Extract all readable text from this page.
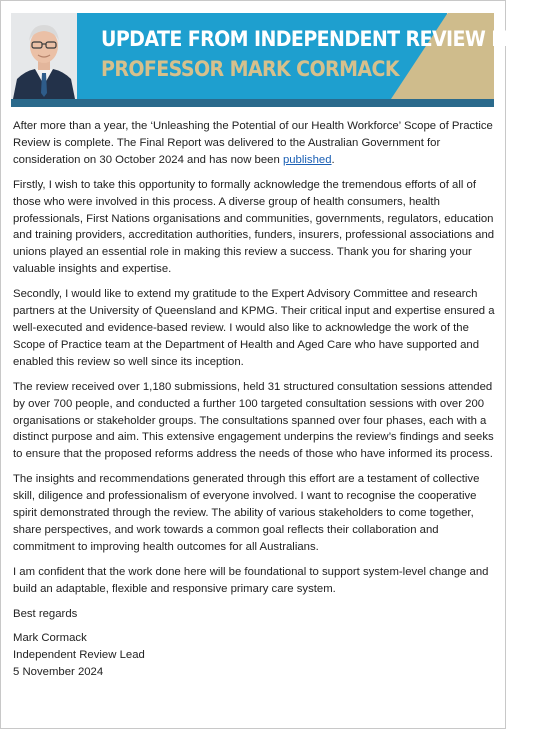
UPDATE FROM INDEPENDENT REVIEW LEAD
PROFESSOR MARK CORMACK

After more than a year, the ‘Unleashing the Potential of our Health Workforce’ Scope of Practice Review is complete. The Final Report was delivered to the Australian Government for consideration on 30 October 2024 and has now been published.

Firstly, I wish to take this opportunity to formally acknowledge the tremendous efforts of all of those who were involved in this process. A diverse group of health consumers, health professionals, First Nations organisations and communities, governments, regulators, education and training providers, accreditation authorities, funders, insurers, professional associations and unions played an essential role in making this review a success. Thank you for sharing your valuable insights and expertise.

Secondly, I would like to extend my gratitude to the Expert Advisory Committee and research partners at the University of Queensland and KPMG. Their critical input and expertise ensured a well-executed and evidence-based review. I would also like to acknowledge the work of the Scope of Practice team at the Department of Health and Aged Care who have supported and enabled this review so well since its inception.

The review received over 1,180 submissions, held 31 structured consultation sessions attended by over 700 people, and conducted a further 100 targeted consultation sessions with over 200 organisations or stakeholder groups. The consultations spanned over four phases, each with a distinct purpose and aim. This extensive engagement underpins the review’s findings and seeks to ensure that the proposed reforms address the needs of those who have informed its process.

The insights and recommendations generated through this effort are a testament of collective skill, diligence and professionalism of everyone involved. I want to recognise the cooperative spirit demonstrated through the review. The ability of various stakeholders to come together, share perspectives, and work towards a common goal reflects their collaboration and commitment to improving health outcomes for all Australians.

I am confident that the work done here will be foundational to support system-level change and build an adaptable, flexible and responsive primary care system.

Best regards

Mark Cormack

Independent Review Lead

5 November 2024
